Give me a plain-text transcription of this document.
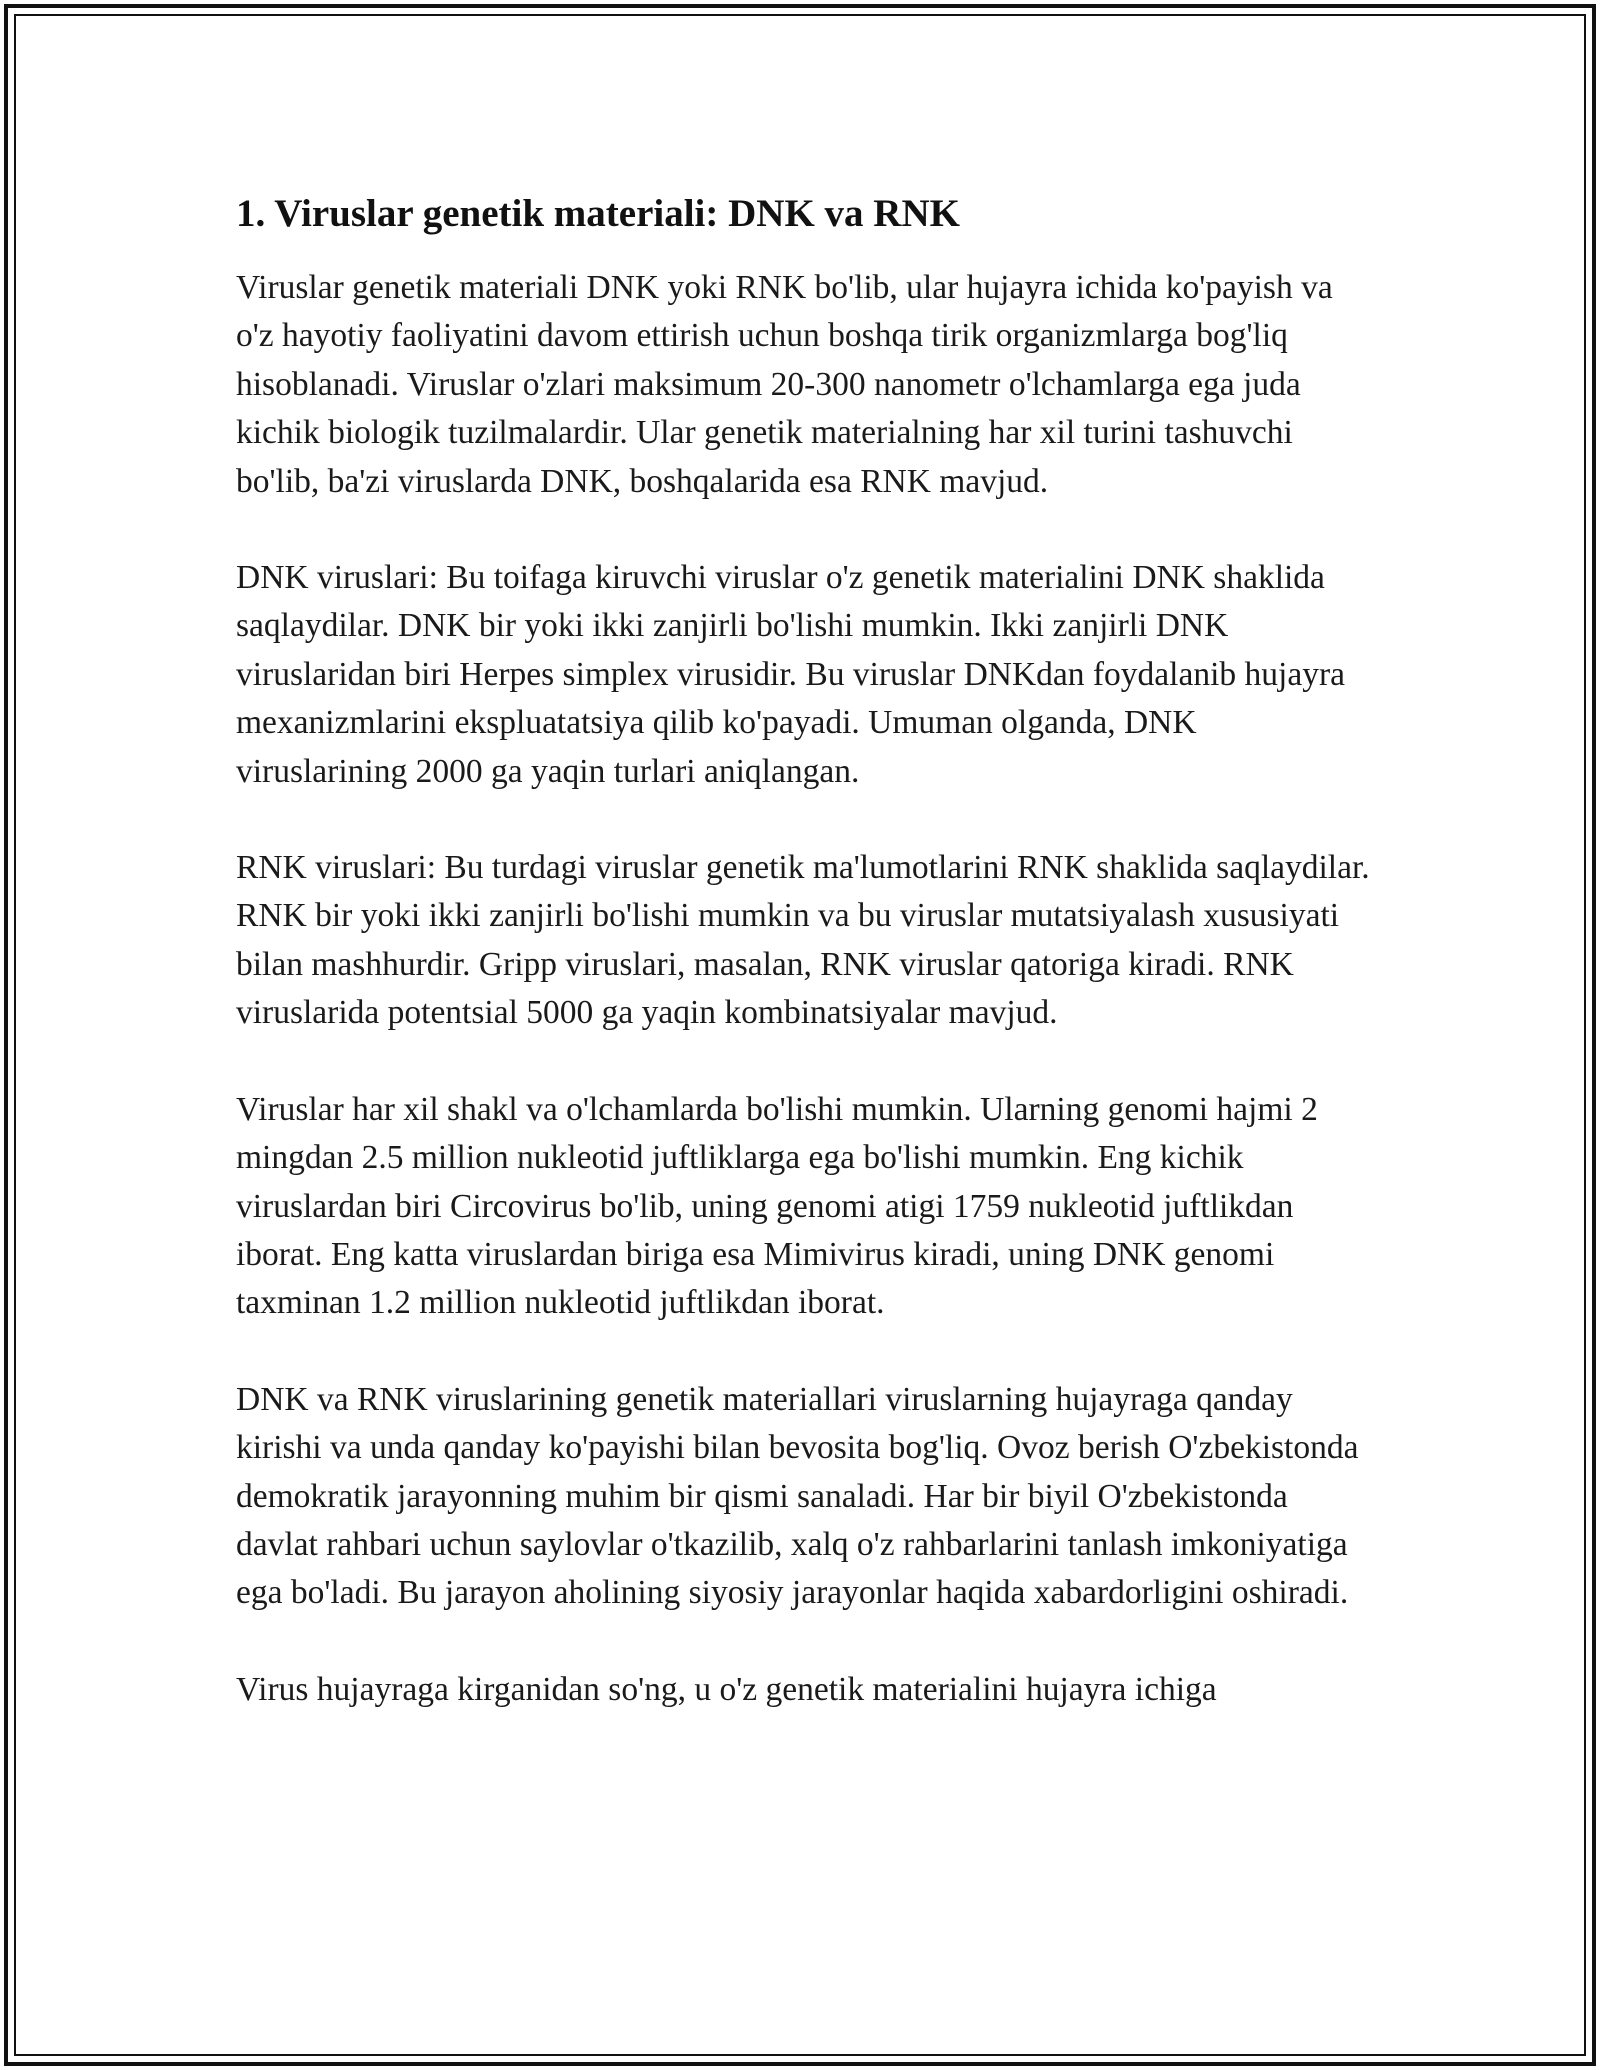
1. Viruslar genetik materiali: DNK va RNK

Viruslar genetik materiali DNK yoki RNK bo'lib, ular hujayra ichida ko'payish va o'z hayotiy faoliyatini davom ettirish uchun boshqa tirik organizmlarga bog'liq hisoblanadi. Viruslar o'zlari maksimum 20-300 nanometr o'lchamlarga ega juda kichik biologik tuzilmalardir. Ular genetik materialning har xil turini tashuvchi bo'lib, ba'zi viruslarda DNK, boshqalarida esa RNK mavjud.

DNK viruslari: Bu toifaga kiruvchi viruslar o'z genetik materialini DNK shaklida saqlaydilar. DNK bir yoki ikki zanjirli bo'lishi mumkin. Ikki zanjirli DNK viruslaridan biri Herpes simplex virusidir. Bu viruslar DNKdan foydalanib hujayra mexanizmlarini ekspluatatsiya qilib ko'payadi. Umuman olganda, DNK viruslarining 2000 ga yaqin turlari aniqlangan.

RNK viruslari: Bu turdagi viruslar genetik ma'lumotlarini RNK shaklida saqlaydilar. RNK bir yoki ikki zanjirli bo'lishi mumkin va bu viruslar mutatsiyalash xususiyati bilan mashhurdir. Gripp viruslari, masalan, RNK viruslar qatoriga kiradi. RNK viruslarida potentsial 5000 ga yaqin kombinatsiyalar mavjud.

Viruslar har xil shakl va o'lchamlarda bo'lishi mumkin. Ularning genomi hajmi 2 mingdan 2.5 million nukleotid juftliklarga ega bo'lishi mumkin. Eng kichik viruslardan biri Circovirus bo'lib, uning genomi atigi 1759 nukleotid juftlikdan iborat. Eng katta viruslardan biriga esa Mimivirus kiradi, uning DNK genomi taxminan 1.2 million nukleotid juftlikdan iborat.

DNK va RNK viruslarining genetik materiallari viruslarning hujayraga qanday kirishi va unda qanday ko'payishi bilan bevosita bog'liq. Ovoz berish O'zbekistonda demokratik jarayonning muhim bir qismi sanaladi. Har bir biyil O'zbekistonda davlat rahbari uchun saylovlar o'tkazilib, xalq o'z rahbarlarini tanlash imkoniyatiga ega bo'ladi. Bu jarayon aholining siyosiy jarayonlar haqida xabardorligini oshiradi.

Virus hujayraga kirganidan so'ng, u o'z genetik materialini hujayra ichiga
